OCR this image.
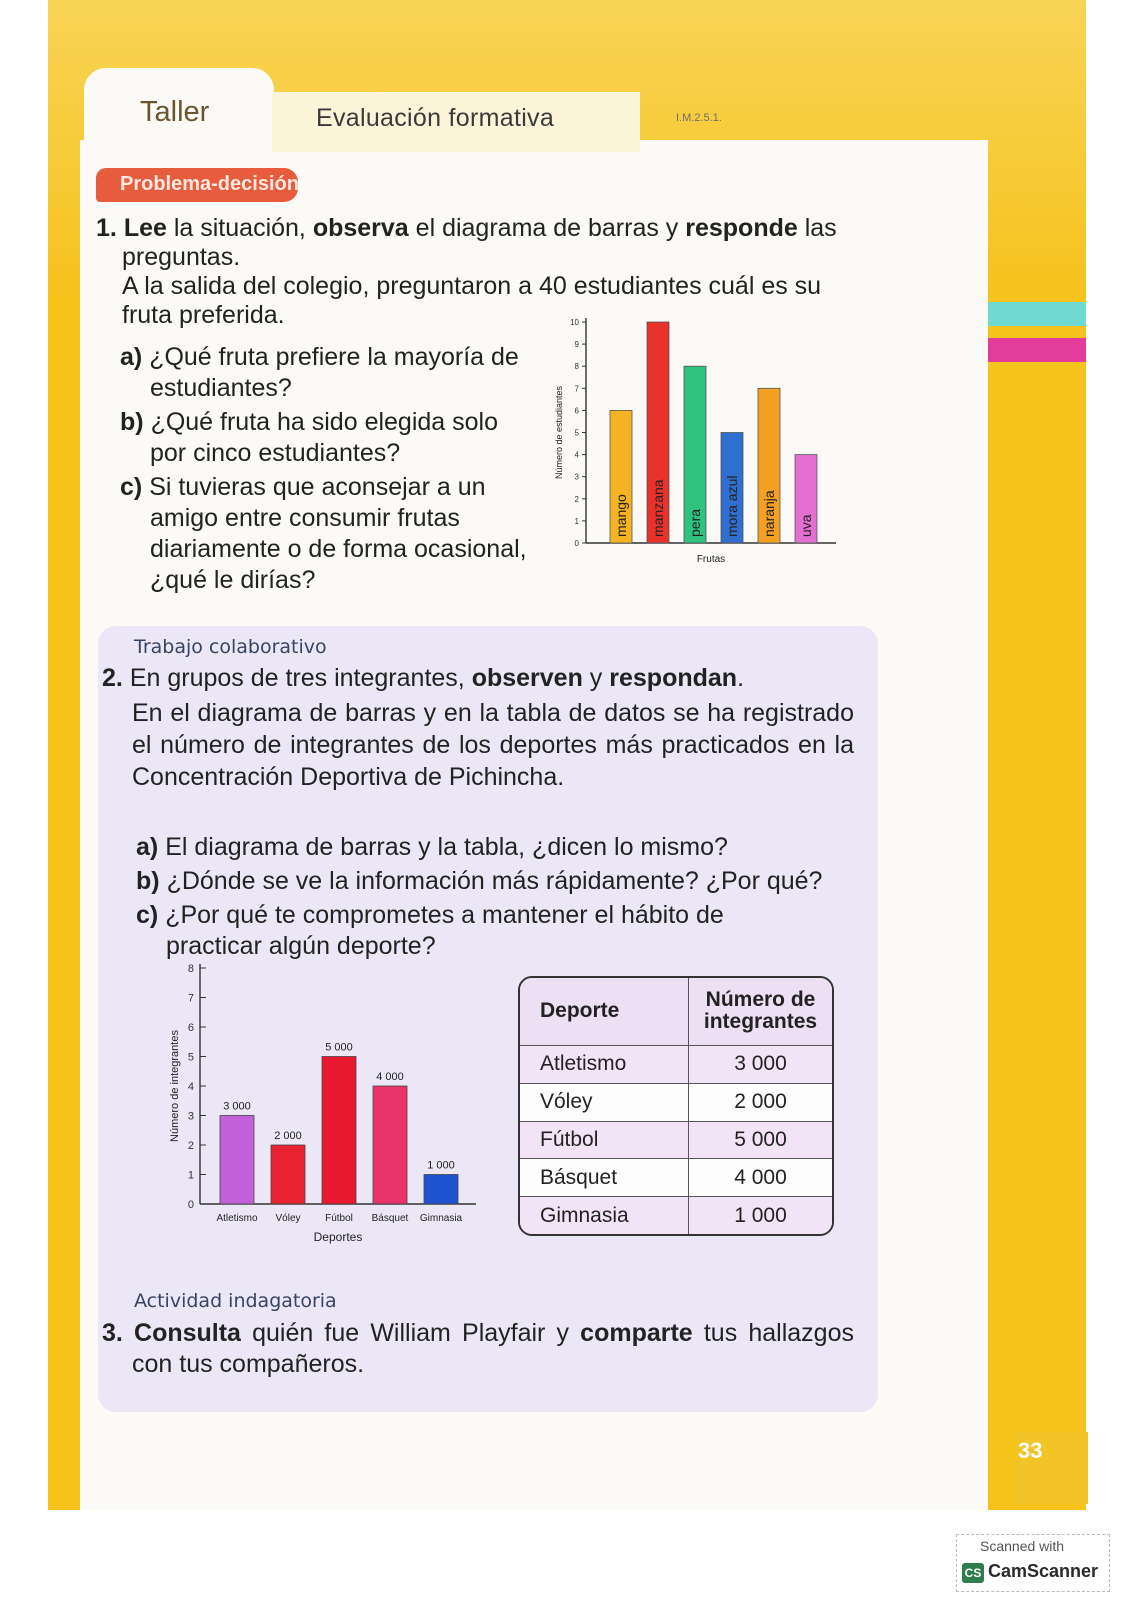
Taller	Evaluación formativa	I.M.2.5.1.
Problema-decisión
1. Lee la situación, observa el diagrama de barras y responde las preguntas.
A la salida del colegio, preguntaron a 40 estudiantes cuál es su fruta preferida.

a) ¿Qué fruta prefiere la mayoría de estudiantes?

b) ¿Qué fruta ha sido elegida solo por cinco estudiantes?

c) Si tuvieras que aconsejar a un amigo entre consumir frutas diariamente o de forma ocasional, ¿qué le dirías?

0
1
2
3
4
5
6
7
8
9
10
mango manzana pera mora azul naranja uva
Número de estudiantes
Frutas
Trabajo colaborativo
2. En grupos de tres integrantes, observen y respondan.
En el diagrama de barras y en la tabla de datos se ha registrado el número de integrantes de los deportes más practicados en la Concentración Deportiva de Pichincha.

a) El diagrama de barras y la tabla, ¿dicen lo mismo?

b) ¿Dónde se ve la información más rápidamente? ¿Por qué?

c) ¿Por qué te comprometes a mantener el hábito de practicar algún deporte?

0
1
2
3
4
5
6
7
8
3 000
Atletismo
2 000
Vóley
5 000
Fútbol
4 000
Básquet
1 000
Gimnasia
Número de integrantes
Deportes
Deporte	Número de integrantes
Atletismo	3 000
Vóley	2 000
Fútbol	5 000
Básquet	4 000
Gimnasia	1 000
Actividad indagatoria
3. Consulta quién fue William Playfair y comparte tus hallazgos con tus compañeros.
33
Scanned with
CS CamScanner
